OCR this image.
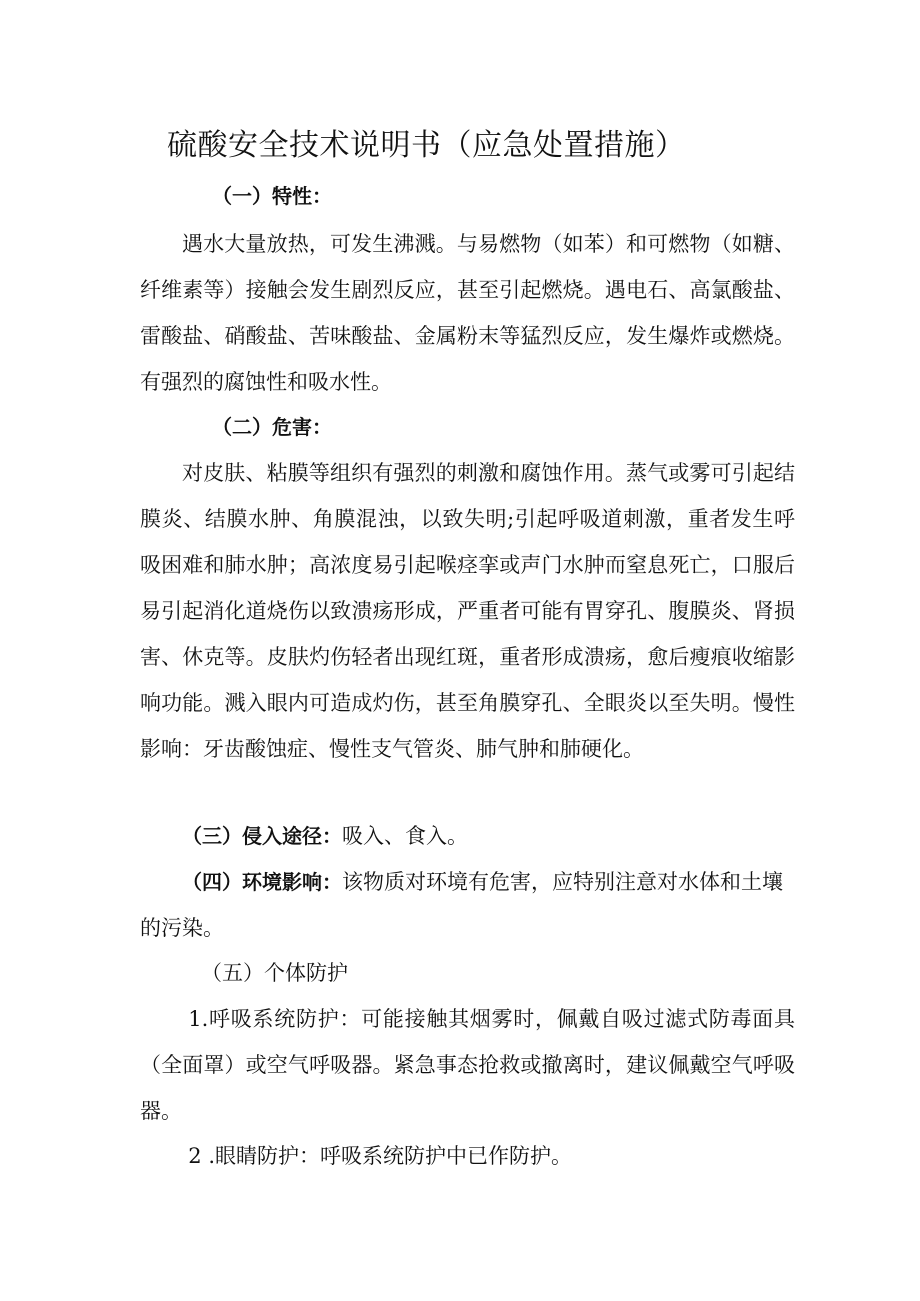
硫酸安全技术说明书（应急处置措施）
（一）特性：

遇水大量放热，可发生沸溅。与易燃物（如苯）和可燃物（如糖、纤维素等）接触会发生剧烈反应，甚至引起燃烧。遇电石、高氯酸盐、雷酸盐、硝酸盐、苦味酸盐、金属粉末等猛烈反应，发生爆炸或燃烧。有强烈的腐蚀性和吸水性。

（二）危害：

对皮肤、粘膜等组织有强烈的刺激和腐蚀作用。蒸气或雾可引起结膜炎、结膜水肿、角膜混浊，以致失明;引起呼吸道刺激，重者发生呼吸困难和肺水肿；高浓度易引起喉痉挛或声门水肿而窒息死亡，口服后易引起消化道烧伤以致溃疡形成，严重者可能有胃穿孔、腹膜炎、肾损害、休克等。皮肤灼伤轻者出现红斑，重者形成溃疡，愈后瘦痕收缩影响功能。溅入眼内可造成灼伤，甚至角膜穿孔、全眼炎以至失明。慢性影响：牙齿酸蚀症、慢性支气管炎、肺气肿和肺硬化。

（三）侵入途径：吸入、食入。

（四）环境影响：该物质对环境有危害，应特别注意对水体和土壤的污染。

（五）个体防护

1.呼吸系统防护：可能接触其烟雾时，佩戴自吸过滤式防毒面具（全面罩）或空气呼吸器。紧急事态抢救或撤离时，建议佩戴空气呼吸器。

2 .眼睛防护：呼吸系统防护中已作防护。
